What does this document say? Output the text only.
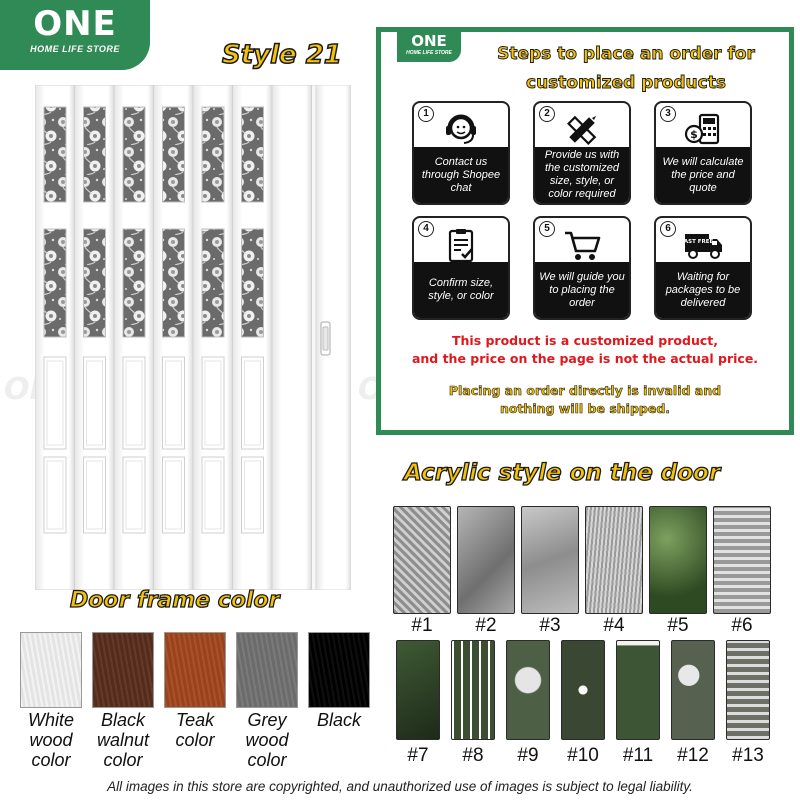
ONE
HOME LIFE STORE	Style 21	ONE
HOME LIFE STORE	Steps to place an order for customized products
1
Contact us through Shopee chat
2
Provide us with the customized size, style, or color required
3
$
We will calculate the price and quote
4
Confirm size, style, or color
5
We will guide you to placing the order
6
FAST FREE
Waiting for packages to be delivered
This product is a customized product,
and the price on the page is not the actual price.
Placing an order directly is invalid and
nothing will be shipped.
Acrylic style on the door
#1	#2	#3	#4	#5	#6
#7	#8	#9	#10	#11	#12	#13
Door frame color
White
wood
color
Black
walnut
color
Teak
color
Grey
wood
color
Black
All images in this store are copyrighted, and unauthorized use of images is subject to legal liability.
